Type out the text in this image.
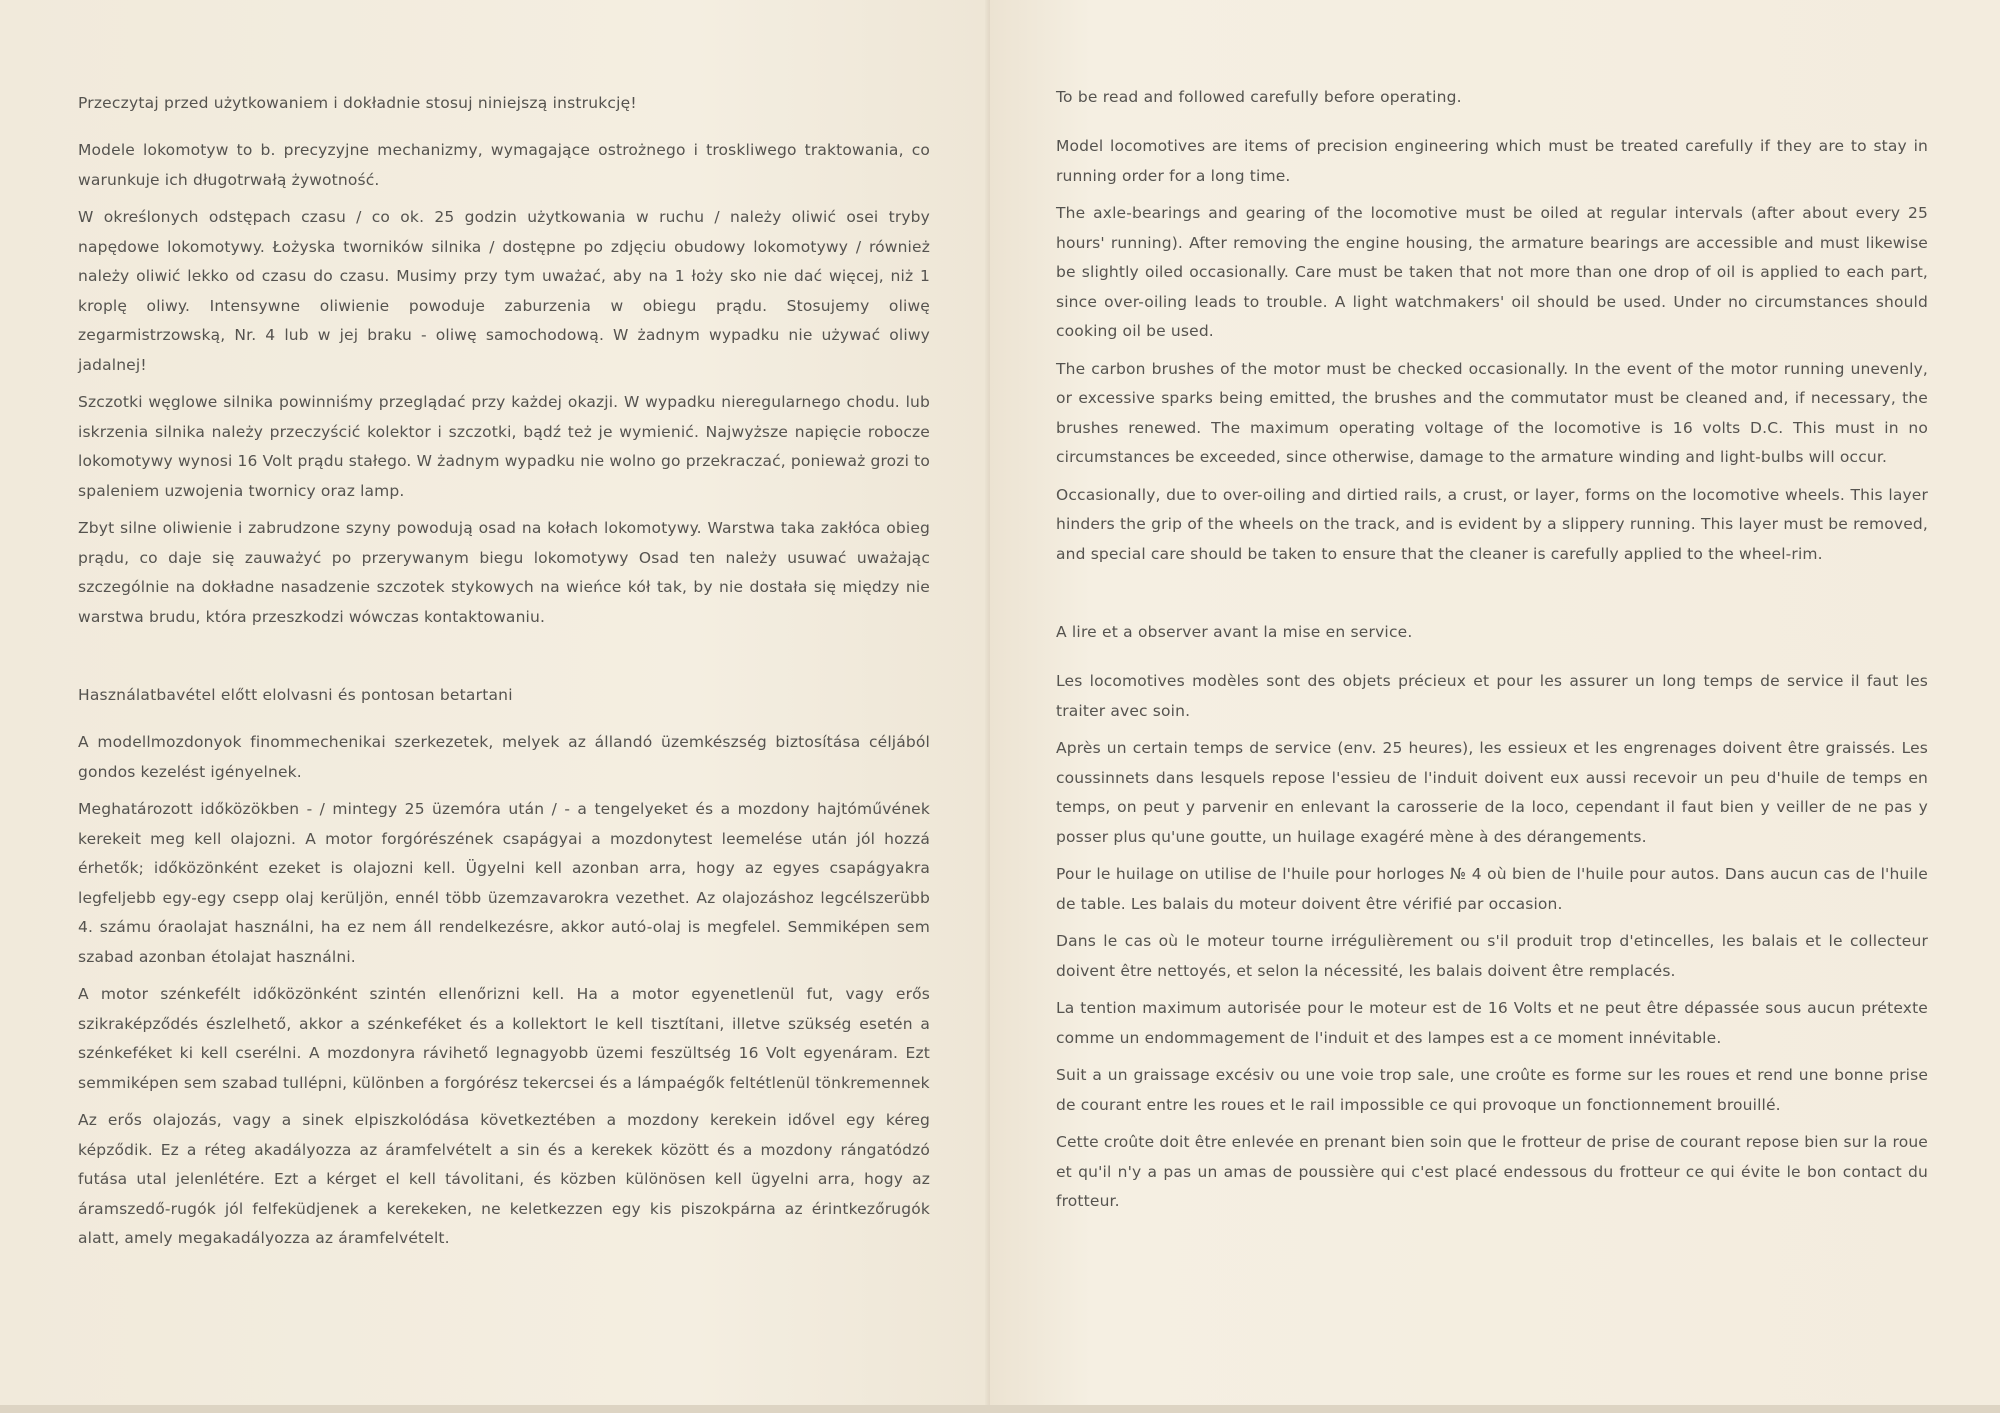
Przeczytaj przed użytkowaniem i dokładnie stosuj niniejszą instrukcję!

Modele lokomotyw to b. precyzyjne mechanizmy, wymagające ostrożnego i troskliwego traktowania, co warunkuje ich długotrwałą żywotność.

W określonych odstępach czasu / co ok. 25 godzin użytkowania w ruchu / należy oliwić osei tryby napędowe lokomotywy. Łożyska tworników silnika / dostępne po zdjęciu obudowy lokomotywy / również należy oliwić lekko od czasu do czasu. Musimy przy tym uważać, aby na 1 łoży sko nie dać więcej, niż 1 kroplę oliwy. Intensywne oliwienie powoduje zaburzenia w obiegu prądu. Stosujemy oliwę zegarmistrzowską, Nr. 4 lub w jej braku - oliwę samochodową. W żadnym wypadku nie używać oliwy jadalnej!

Szczotki węglowe silnika powinniśmy przeglądać przy każdej okazji. W wypadku nieregularnego chodu. lub iskrzenia silnika należy przeczyścić kolektor i szczotki, bądź też je wymienić. Najwyższe napięcie robocze lokomotywy wynosi 16 Volt prądu stałego. W żadnym wypadku nie wolno go przekraczać, ponieważ grozi to spaleniem uzwojenia twornicy oraz lamp.

Zbyt silne oliwienie i zabrudzone szyny powodują osad na kołach lokomotywy. Warstwa taka zakłóca obieg prądu, co daje się zauważyć po przerywanym biegu lokomotywy Osad ten należy usuwać uważając szczególnie na dokładne nasadzenie szczotek stykowych na wieńce kół tak, by nie dostała się między nie warstwa brudu, która przeszkodzi wówczas kontaktowaniu.

Használatbavétel előtt elolvasni és pontosan betartani

A modellmozdonyok finommechenikai szerkezetek, melyek az állandó üzemkészség biztosítása céljából gondos kezelést igényelnek.

Meghatározott időközökben - / mintegy 25 üzemóra után / - a tengelyeket és a mozdony hajtóművének kerekeit meg kell olajozni. A motor forgórészének csapágyai a mozdonytest leemelése után jól hozzá érhetők; időközönként ezeket is olajozni kell. Ügyelni kell azonban arra, hogy az egyes csapágyakra legfeljebb egy-egy csepp olaj kerüljön, ennél több üzemzavarokra vezethet. Az olajozáshoz legcélszerübb 4. számu óraolajat használni, ha ez nem áll rendelkezésre, akkor autó-olaj is megfelel. Semmiképen sem szabad azonban étolajat használni.

A motor szénkefélt időközönként szintén ellenőrizni kell. Ha a motor egyenetlenül fut, vagy erős szikraképződés észlelhető, akkor a szénkeféket és a kollektort le kell tisztítani, illetve szükség esetén a szénkeféket ki kell cserélni. A mozdonyra rávihető legnagyobb üzemi feszültség 16 Volt egyenáram. Ezt semmiképen sem szabad tullépni, különben a forgórész tekercsei és a lámpaégők feltétlenül tönkremennek

Az erős olajozás, vagy a sinek elpiszkolódása következtében a mozdony kerekein idővel egy kéreg képződik. Ez a réteg akadályozza az áramfelvételt a sin és a kerekek között és a mozdony rángatódzó futása utal jelenlétére. Ezt a kérget el kell távolitani, és közben különösen kell ügyelni arra, hogy az áramszedő-rugók jól felfeküdjenek a kerekeken, ne keletkezzen egy kis piszokpárna az érintkezőrugók alatt, amely megakadályozza az áramfelvételt.

To be read and followed carefully before operating.

Model locomotives are items of precision engineering which must be treated carefully if they are to stay in running order for a long time.

The axle-bearings and gearing of the locomotive must be oiled at regular intervals (after about every 25 hours' running). After removing the engine housing, the armature bearings are accessible and must likewise be slightly oiled occasionally. Care must be taken that not more than one drop of oil is applied to each part, since over-oiling leads to trouble. A light watchmakers' oil should be used. Under no circumstances should cooking oil be used.

The carbon brushes of the motor must be checked occasionally. In the event of the motor running unevenly, or excessive sparks being emitted, the brushes and the commutator must be cleaned and, if necessary, the brushes renewed. The maximum operating voltage of the locomotive is 16 volts D.C. This must in no circumstances be exceeded, since otherwise, damage to the armature winding and light-bulbs will occur.

Occasionally, due to over-oiling and dirtied rails, a crust, or layer, forms on the locomotive wheels. This layer hinders the grip of the wheels on the track, and is evident by a slippery running. This layer must be removed, and special care should be taken to ensure that the cleaner is carefully applied to the wheel-rim.

A lire et a observer avant la mise en service.

Les locomotives modèles sont des objets précieux et pour les assurer un long temps de service il faut les traiter avec soin.

Après un certain temps de service (env. 25 heures), les essieux et les engrenages doivent être graissés. Les coussinnets dans lesquels repose l'essieu de l'induit doivent eux aussi recevoir un peu d'huile de temps en temps, on peut y parvenir en enlevant la carosserie de la loco, cependant il faut bien y veiller de ne pas y posser plus qu'une goutte, un huilage exagéré mène à des dérangements.

Pour le huilage on utilise de l'huile pour horloges № 4 où bien de l'huile pour autos. Dans aucun cas de l'huile de table. Les balais du moteur doivent être vérifié par occasion.

Dans le cas où le moteur tourne irrégulièrement ou s'il produit trop d'etincelles, les balais et le collecteur doivent être nettoyés, et selon la nécessité, les balais doivent être remplacés.

La tention maximum autorisée pour le moteur est de 16 Volts et ne peut être dépassée sous aucun prétexte comme un endommagement de l'induit et des lampes est a ce moment innévitable.

Suit a un graissage excésiv ou une voie trop sale, une croûte es forme sur les roues et rend une bonne prise de courant entre les roues et le rail impossible ce qui provoque un fonctionnement brouillé.

Cette croûte doit être enlevée en prenant bien soin que le frotteur de prise de courant repose bien sur la roue et qu'il n'y a pas un amas de poussière qui c'est placé endessous du frotteur ce qui évite le bon contact du frotteur.
